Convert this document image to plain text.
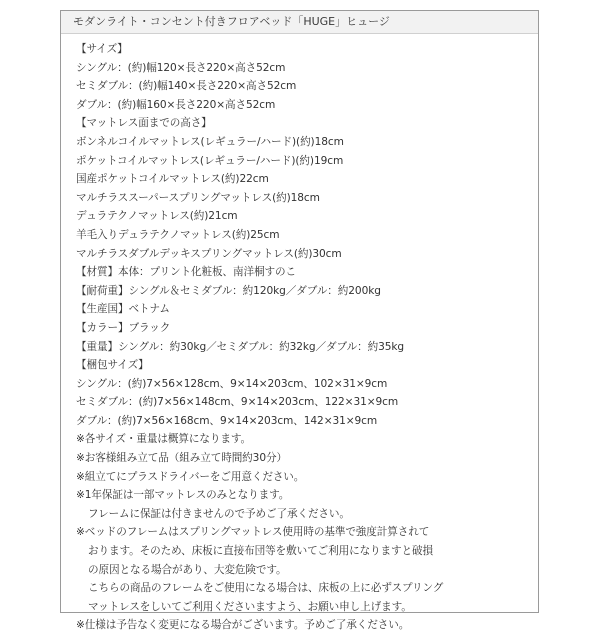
モダンライト・コンセント付きフロアベッド「HUGE」ヒュージ
【サイズ】
シングル：(約)幅120×長さ220×高さ52cm
セミダブル：(約)幅140×長さ220×高さ52cm
ダブル：(約)幅160×長さ220×高さ52cm
【マットレス面までの高さ】
ボンネルコイルマットレス(レギュラー/ハード)(約)18cm
ポケットコイルマットレス(レギュラー/ハード)(約)19cm
国産ポケットコイルマットレス(約)22cm
マルチラススーパースプリングマットレス(約)18cm
デュラテクノマットレス(約)21cm
羊毛入りデュラテクノマットレス(約)25cm
マルチラスダブルデッキスプリングマットレス(約)30cm
【材質】本体：プリント化粧板、南洋桐すのこ
【耐荷重】シングル＆セミダブル：約120kg／ダブル：約200kg
【生産国】ベトナム
【カラー】ブラック
【重量】シングル：約30kg／セミダブル：約32kg／ダブル：約35kg
【梱包サイズ】
シングル：(約)7×56×128cm、9×14×203cm、102×31×9cm
セミダブル：(約)7×56×148cm、9×14×203cm、122×31×9cm
ダブル：(約)7×56×168cm、9×14×203cm、142×31×9cm
※各サイズ・重量は概算になります。
※お客様組み立て品（組み立て時間約30分）
※組立てにプラスドライバーをご用意ください。
※1年保証は一部マットレスのみとなります。
フレームに保証は付きませんので予めご了承ください。
※ベッドのフレームはスプリングマットレス使用時の基準で強度計算されて
おります。そのため、床板に直接布団等を敷いてご利用になりますと破損
の原因となる場合があり、大変危険です。
こちらの商品のフレームをご使用になる場合は、床板の上に必ずスプリング
マットレスをしいてご利用くださいますよう、お願い申し上げます。
※仕様は予告なく変更になる場合がございます。予めご了承ください。
